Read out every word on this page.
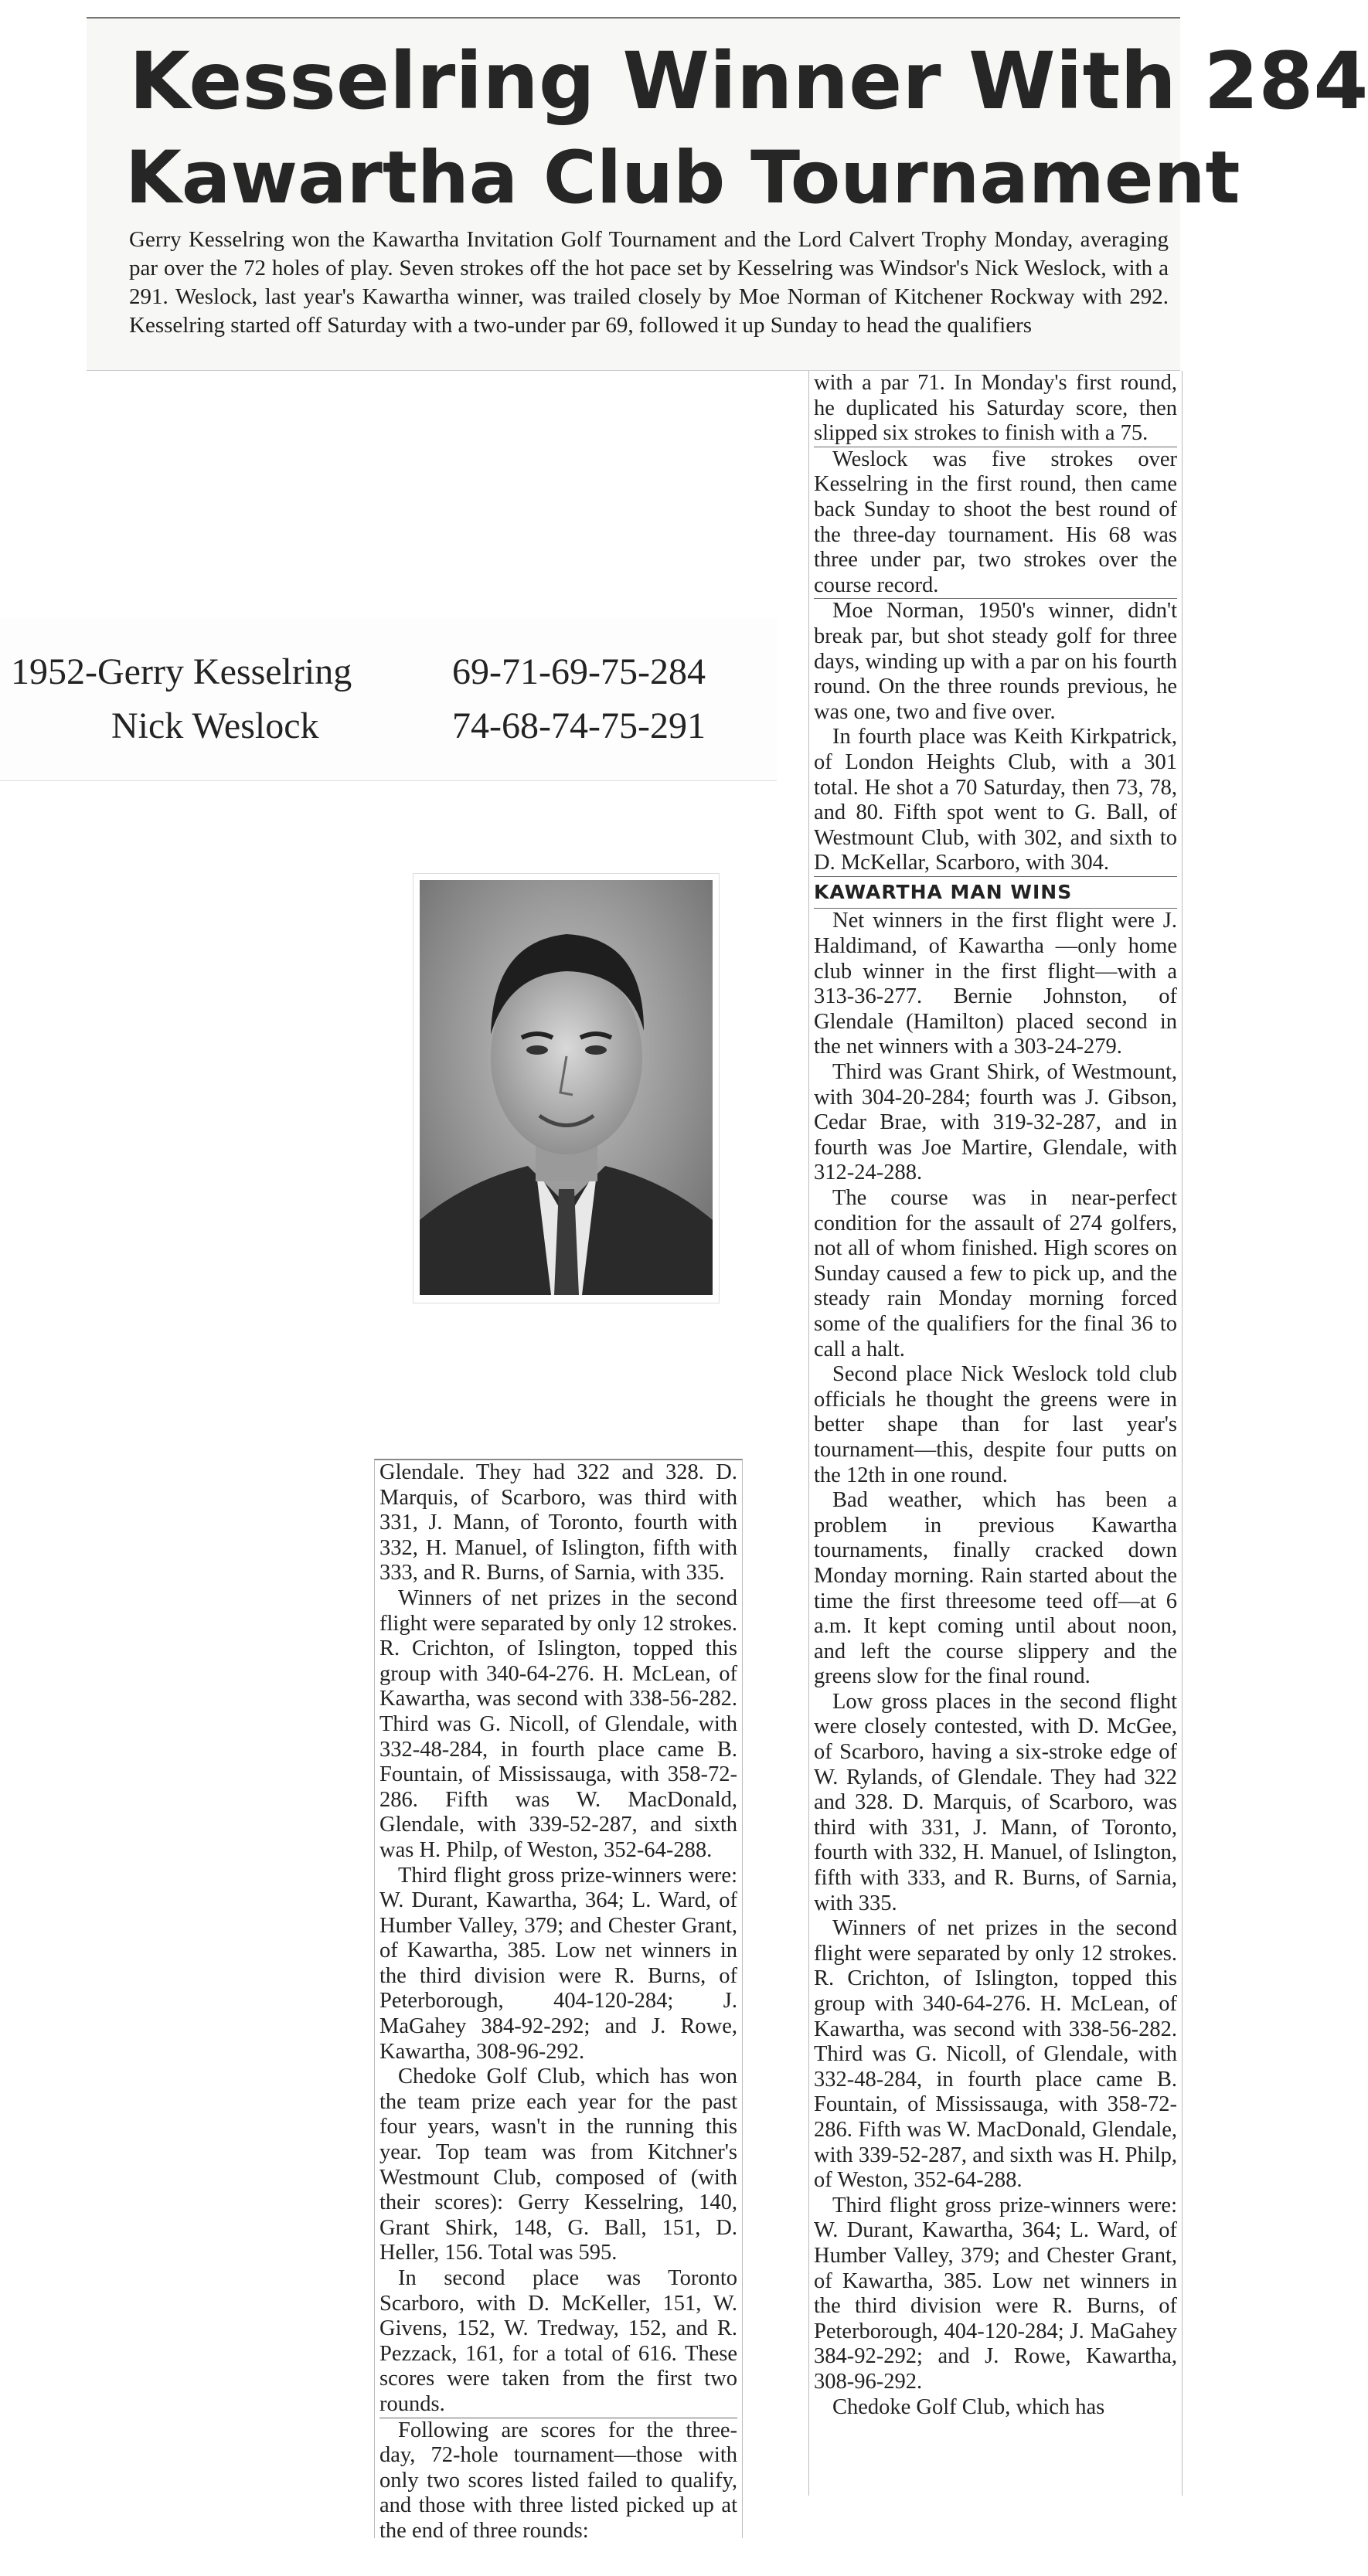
Kesselring Winner With 284
Kawartha Club Tournament
Gerry Kesselring won the Kawartha Invitation Golf Tournament and the Lord Calvert Trophy Monday, averaging par over the 72 holes of play. Seven strokes off the hot pace set by Kesselring was Windsor's Nick Weslock, with a 291. Weslock, last year's Kawartha winner, was trailed closely by Moe Norman of Kitchener Rockway with 292. Kesselring started off Saturday with a two-under par 69, followed it up Sunday to head the qualifiers
1952-Gerry Kesselring	69-71-69-75-284
Nick Weslock	74-68-74-75-291

with a par 71. In Monday's first round, he duplicated his Saturday score, then slipped six strokes to finish with a 75.

Weslock was five strokes over Kesselring in the first round, then came back Sunday to shoot the best round of the three-day tournament. His 68 was three under par, two strokes over the course record.

Moe Norman, 1950's winner, didn't break par, but shot steady golf for three days, winding up with a par on his fourth round. On the three rounds previous, he was one, two and five over.

In fourth place was Keith Kirkpatrick, of London Heights Club, with a 301 total. He shot a 70 Saturday, then 73, 78, and 80. Fifth spot went to G. Ball, of Westmount Club, with 302, and sixth to D. McKellar, Scarboro, with 304.

KAWARTHA MAN WINS

Net winners in the first flight were J. Haldimand, of Kawartha —only home club winner in the first flight—with a 313-36-277. Bernie Johnston, of Glendale (Hamilton) placed second in the net winners with a 303-24-279.

Third was Grant Shirk, of Westmount, with 304-20-284; fourth was J. Gibson, Cedar Brae, with 319-32-287, and in fourth was Joe Martire, Glendale, with 312-24-288.

The course was in near-perfect condition for the assault of 274 golfers, not all of whom finished. High scores on Sunday caused a few to pick up, and the steady rain Monday morning forced some of the qualifiers for the final 36 to call a halt.

Second place Nick Weslock told club officials he thought the greens were in better shape than for last year's tournament—this, despite four putts on the 12th in one round.

Bad weather, which has been a problem in previous Kawartha tournaments, finally cracked down Monday morning. Rain started about the time the first threesome teed off—at 6 a.m. It kept coming until about noon, and left the course slippery and the greens slow for the final round.

Low gross places in the second flight were closely contested, with D. McGee, of Scarboro, having a six-stroke edge of W. Rylands, of Glendale. They had 322 and 328. D. Marquis, of Scarboro, was third with 331, J. Mann, of Toronto, fourth with 332, H. Manuel, of Islington, fifth with 333, and R. Burns, of Sarnia, with 335.

Winners of net prizes in the second flight were separated by only 12 strokes. R. Crichton, of Islington, topped this group with 340-64-276. H. McLean, of Kawartha, was second with 338-56-282. Third was G. Nicoll, of Glendale, with 332-48-284, in fourth place came B. Fountain, of Mississauga, with 358-72-286. Fifth was W. MacDonald, Glendale, with 339-52-287, and sixth was H. Philp, of Weston, 352-64-288.

Third flight gross prize-winners were: W. Durant, Kawartha, 364; L. Ward, of Humber Valley, 379; and Chester Grant, of Kawartha, 385. Low net winners in the third division were R. Burns, of Peterborough, 404-120-284; J. MaGahey 384-92-292; and J. Rowe, Kawartha, 308-96-292.

Chedoke Golf Club, which has

Glendale. They had 322 and 328. D. Marquis, of Scarboro, was third with 331, J. Mann, of Toronto, fourth with 332, H. Manuel, of Islington, fifth with 333, and R. Burns, of Sarnia, with 335.

Winners of net prizes in the second flight were separated by only 12 strokes. R. Crichton, of Islington, topped this group with 340-64-276. H. McLean, of Kawartha, was second with 338-56-282. Third was G. Nicoll, of Glendale, with 332-48-284, in fourth place came B. Fountain, of Mississauga, with 358-72-286. Fifth was W. MacDonald, Glendale, with 339-52-287, and sixth was H. Philp, of Weston, 352-64-288.

Third flight gross prize-winners were: W. Durant, Kawartha, 364; L. Ward, of Humber Valley, 379; and Chester Grant, of Kawartha, 385. Low net winners in the third division were R. Burns, of Peterborough, 404-120-284; J. MaGahey 384-92-292; and J. Rowe, Kawartha, 308-96-292.

Chedoke Golf Club, which has won the team prize each year for the past four years, wasn't in the running this year. Top team was from Kitchner's Westmount Club, composed of (with their scores): Gerry Kesselring, 140, Grant Shirk, 148, G. Ball, 151, D. Heller, 156. Total was 595.

In second place was Toronto Scarboro, with D. McKeller, 151, W. Givens, 152, W. Tredway, 152, and R. Pezzack, 161, for a total of 616. These scores were taken from the first two rounds.

Following are scores for the three-day, 72-hole tournament—those with only two scores listed failed to qualify, and those with three listed picked up at the end of three rounds:
